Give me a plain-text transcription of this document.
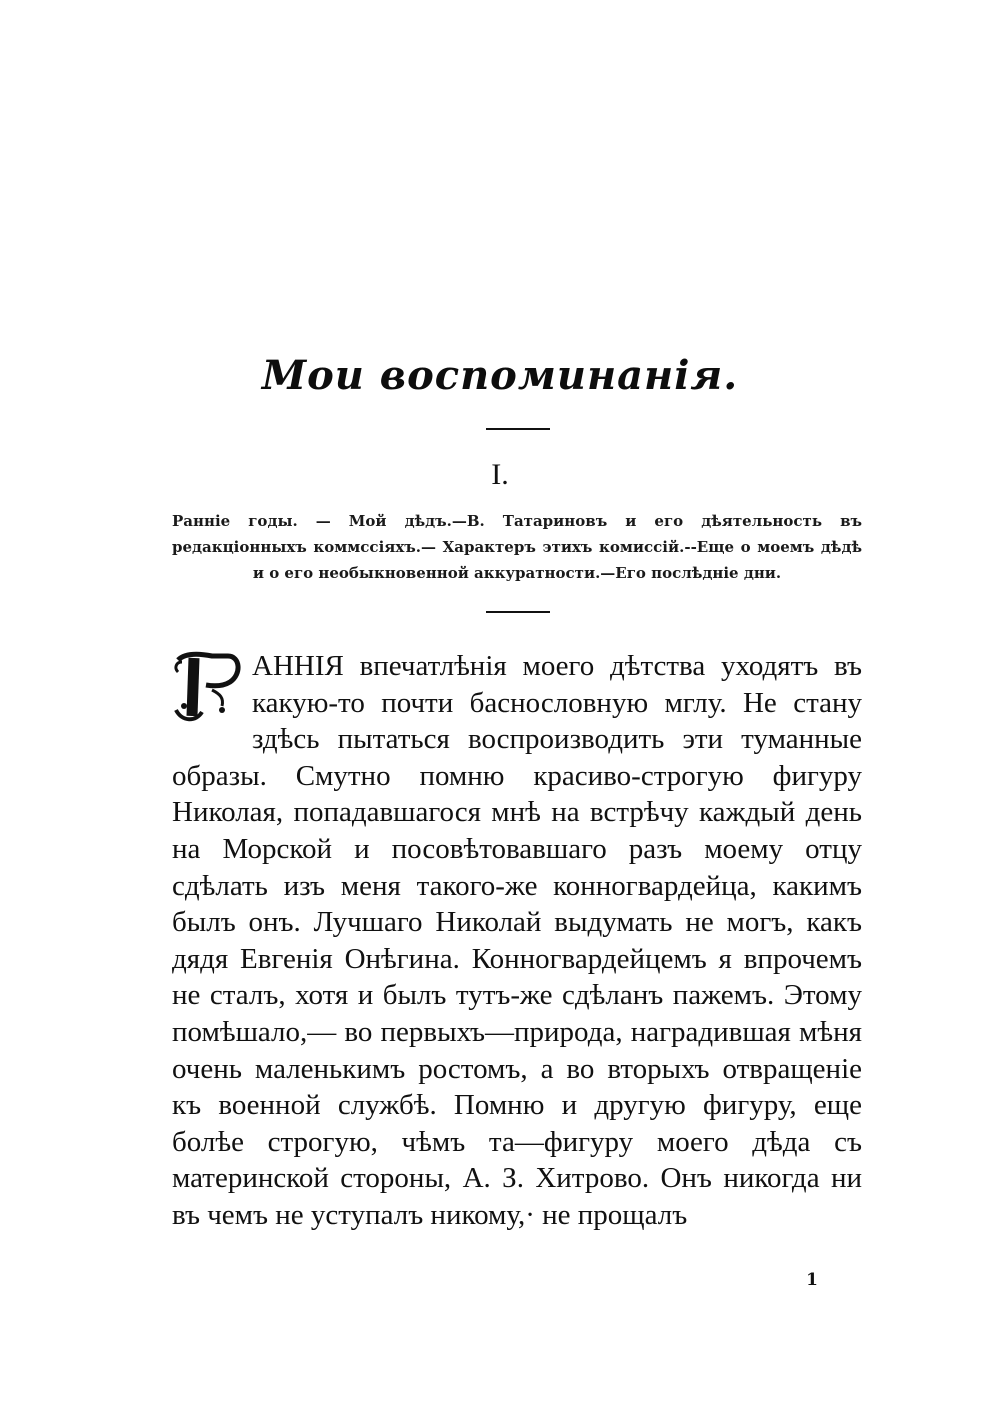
Мои воспоминанія.
I.
Ранніе годы. — Мой дѣдъ.—В. Татариновъ и его дѣятельность въ редакціонныхъ коммссіяхъ.— Характеръ этихъ комиссій.--Еще о моемъ дѣдѣ и о его необыкновенной аккуратности.—Его послѣдніе дни.
АННІЯ впечатлѣнія моего дѣтства уходятъ въ какую-то почти баснословную мглу. Не стану здѣсь пытаться воспроизводить эти туманные образы. Смутно помню красиво-строгую фигуру Николая, попадавшагося мнѣ на встрѣчу каждый день на Морской и посовѣтовавшаго разъ моему отцу сдѣлать изъ меня такого-же конногвардейца, какимъ былъ онъ. Лучшаго Николай выдумать не могъ, какъ дядя Евгенія Онѣгина. Конногвардейцемъ я впрочемъ не сталъ, хотя и былъ тутъ-же сдѣланъ пажемъ. Этому помѣшало,— во первыхъ—природа, наградившая мѣня очень маленькимъ ростомъ, а во вторыхъ отвращеніе къ военной службѣ. Помню и другую фигуру, еще болѣе строгую, чѣмъ та—фигуру моего дѣда съ материнской стороны, А. З. Хитрово. Онъ никогда ни въ чемъ не уступалъ никому,· не прощалъ
1
